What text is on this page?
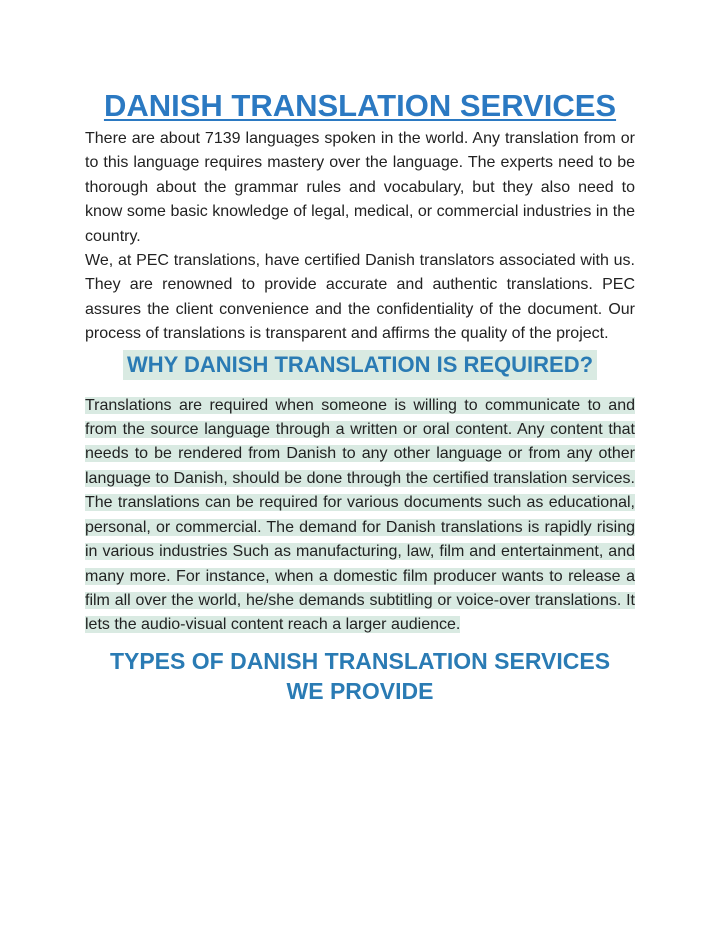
DANISH TRANSLATION SERVICES

There are about 7139 languages spoken in the world. Any translation from or to this language requires mastery over the language. The experts need to be thorough about the grammar rules and vocabulary, but they also need to know some basic knowledge of legal, medical, or commercial industries in the country.

We, at PEC translations, have certified Danish translators associated with us. They are renowned to provide accurate and authentic translations. PEC assures the client convenience and the confidentiality of the document. Our process of translations is transparent and affirms the quality of the project.

WHY DANISH TRANSLATION IS REQUIRED?

Translations are required when someone is willing to communicate to and from the source language through a written or oral content. Any content that needs to be rendered from Danish to any other language or from any other language to Danish, should be done through the certified translation services. The translations can be required for various documents such as educational, personal, or commercial. The demand for Danish translations is rapidly rising in various industries Such as manufacturing, law, film and entertainment, and many more. For instance, when a domestic film producer wants to release a film all over the world, he/she demands subtitling or voice-over translations. It lets the audio-visual content reach a larger audience.

TYPES OF DANISH TRANSLATION SERVICES
WE PROVIDE
